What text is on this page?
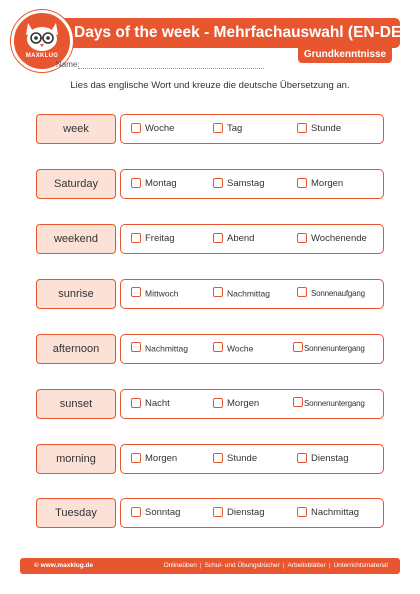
Days of the week - Mehrfachauswahl (EN-DE)
MAXKLUG	Grundkenntnisse
Name:
Lies das englische Wort und kreuze die deutsche Übersetzung an.
week	Woche	Tag	Stunde
Saturday	Montag	Samstag	Morgen
weekend	Freitag	Abend	Wochenende
sunrise	Mittwoch	Nachmittag	Sonnenaufgang
afternoon	Nachmittag	Woche	Sonnenuntergang
sunset	Nacht	Morgen	Sonnenuntergang
morning	Morgen	Stunde	Dienstag
Tuesday	Sonntag	Dienstag	Nachmittag
© www.maxklug.de	Onlineüben | Schul- und Übungsbücher | Arbeitsblätter | Unterrichtsmaterial
